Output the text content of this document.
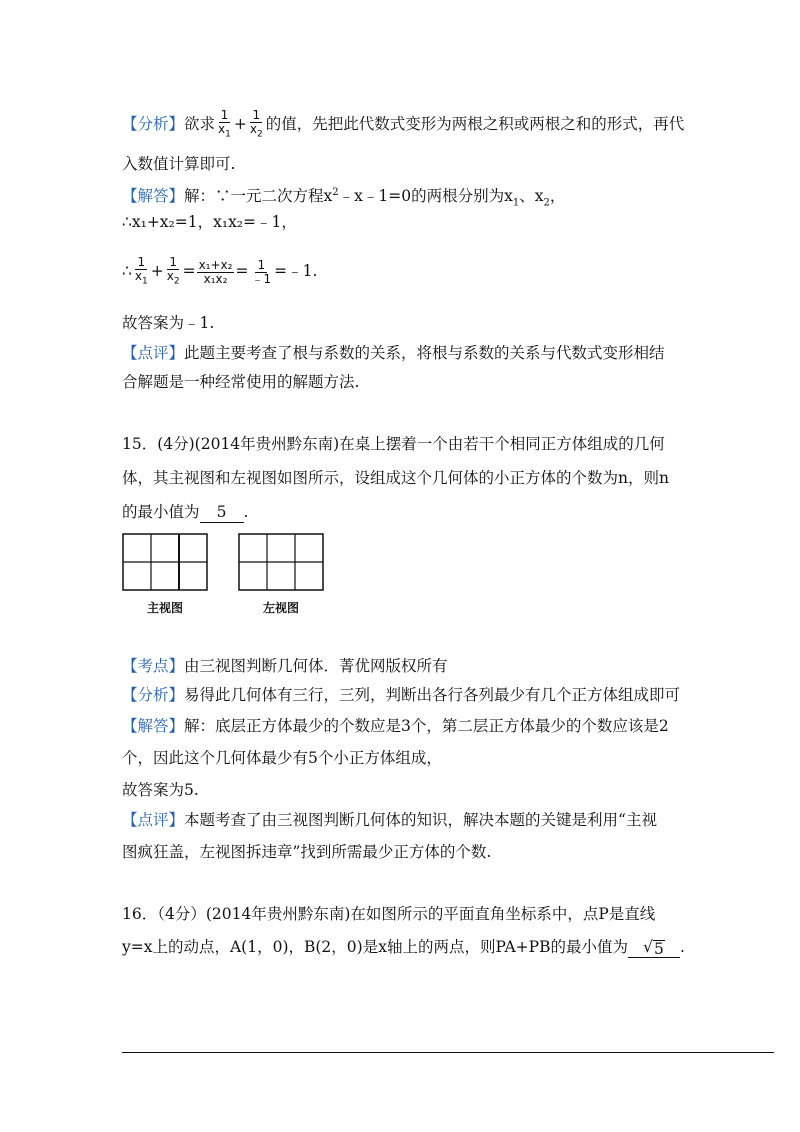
【分析】欲求 $\frac{1}{x_1} + \frac{1}{x_2}$ 的值，先把此代数式变形为两根之积或两根之和的形式，再代
入数值计算即可.
【解答】解：∵一元二次方程$x^2﹣x﹣1=0$的两根分别为$x_1$、$x_2$，
∴x₁+x₂=1，x₁x₂=﹣1，
∴ $\frac{1}{x_1} + \frac{1}{x_2} = \frac{\text{x₁+x₂}}{\text{x₁x₂}} = \frac{1}{﹣1}$ =﹣1.
故答案为﹣1.
【点评】此题主要考查了根与系数的关系，将根与系数的关系与代数式变形相结
合解题是一种经常使用的解题方法.
15．(4分)(2014年贵州黔东南)在桌上摆着一个由若干个相同正方体组成的几何
体，其主视图和左视图如图所示，设组成这个几何体的小正方体的个数为n，则n
的最小值为 5 .
主视图	左视图
【考点】由三视图判断几何体．菁优网版权所有
【分析】易得此几何体有三行，三列，判断出各行各列最少有几个正方体组成即可
【解答】解：底层正方体最少的个数应是3个，第二层正方体最少的个数应该是2
个，因此这个几何体最少有5个小正方体组成，
故答案为5.
【点评】本题考查了由三视图判断几何体的知识，解决本题的关键是利用“主视
图疯狂盖，左视图拆违章”找到所需最少正方体的个数.
16．（4分）(2014年贵州黔东南)在如图所示的平面直角坐标系中，点P是直线
y=x上的动点，A(1，0)，B(2，0)是x轴上的两点，则PA+PB的最小值为 √ 5 .
